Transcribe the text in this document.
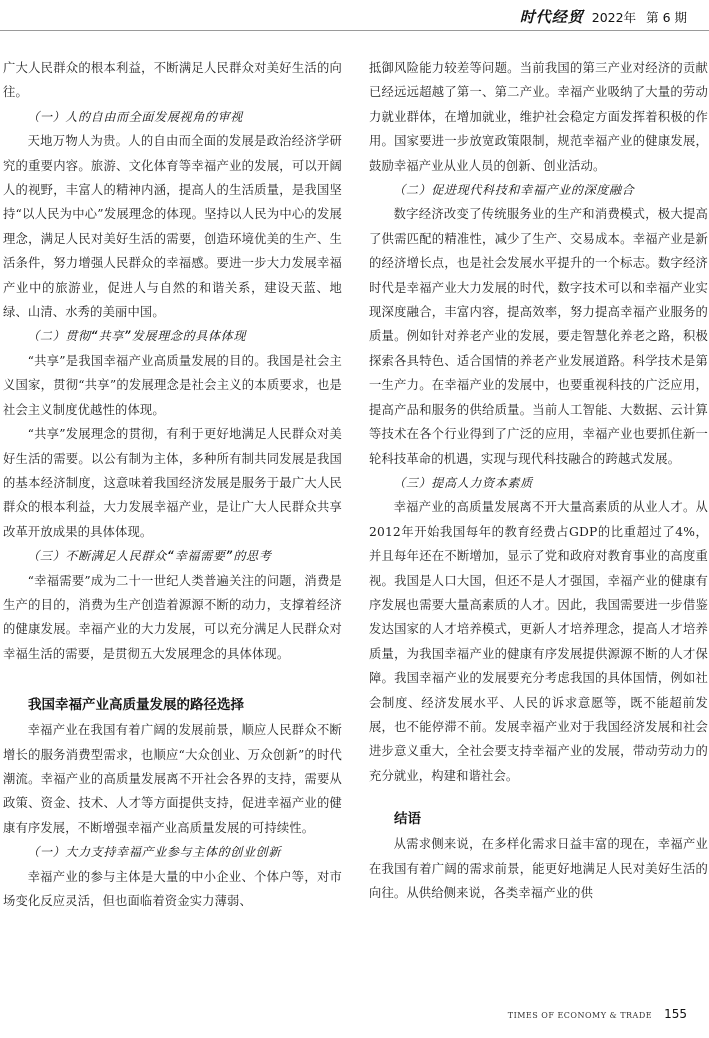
时代经贸 2022年 第 6 期

广大人民群众的根本利益，不断满足人民群众对美好生活的向往。

（一）人的自由而全面发展视角的审视

天地万物人为贵。人的自由而全面的发展是政治经济学研究的重要内容。旅游、文化体育等幸福产业的发展，可以开阔人的视野，丰富人的精神内涵，提高人的生活质量，是我国坚持“以人民为中心”发展理念的体现。坚持以人民为中心的发展理念，满足人民对美好生活的需要，创造环境优美的生产、生活条件，努力增强人民群众的幸福感。要进一步大力发展幸福产业中的旅游业，促进人与自然的和谐关系，建设天蓝、地绿、山清、水秀的美丽中国。

（二）贯彻“共享”发展理念的具体体现

“共享”是我国幸福产业高质量发展的目的。我国是社会主义国家，贯彻“共享”的发展理念是社会主义的本质要求，也是社会主义制度优越性的体现。

“共享”发展理念的贯彻，有利于更好地满足人民群众对美好生活的需要。以公有制为主体，多种所有制共同发展是我国的基本经济制度，这意味着我国经济发展是服务于最广大人民群众的根本利益，大力发展幸福产业，是让广大人民群众共享改革开放成果的具体体现。

（三）不断满足人民群众“幸福需要”的思考

“幸福需要”成为二十一世纪人类普遍关注的问题，消费是生产的目的，消费为生产创造着源源不断的动力，支撑着经济的健康发展。幸福产业的大力发展，可以充分满足人民群众对幸福生活的需要，是贯彻五大发展理念的具体体现。

我国幸福产业高质量发展的路径选择

幸福产业在我国有着广阔的发展前景，顺应人民群众不断增长的服务消费型需求，也顺应“大众创业、万众创新”的时代潮流。幸福产业的高质量发展离不开社会各界的支持，需要从政策、资金、技术、人才等方面提供支持，促进幸福产业的健康有序发展，不断增强幸福产业高质量发展的可持续性。

（一）大力支持幸福产业参与主体的创业创新

幸福产业的参与主体是大量的中小企业、个体户等，对市场变化反应灵活，但也面临着资金实力薄弱、

抵御风险能力较差等问题。当前我国的第三产业对经济的贡献已经远远超越了第一、第二产业。幸福产业吸纳了大量的劳动力就业群体，在增加就业，维护社会稳定方面发挥着积极的作用。国家要进一步放宽政策限制，规范幸福产业的健康发展，鼓励幸福产业从业人员的创新、创业活动。

（二）促进现代科技和幸福产业的深度融合

数字经济改变了传统服务业的生产和消费模式，极大提高了供需匹配的精准性，减少了生产、交易成本。幸福产业是新的经济增长点，也是社会发展水平提升的一个标志。数字经济时代是幸福产业大力发展的时代，数字技术可以和幸福产业实现深度融合，丰富内容，提高效率，努力提高幸福产业服务的质量。例如针对养老产业的发展，要走智慧化养老之路，积极探索各具特色、适合国情的养老产业发展道路。科学技术是第一生产力。在幸福产业的发展中，也要重视科技的广泛应用，提高产品和服务的供给质量。当前人工智能、大数据、云计算等技术在各个行业得到了广泛的应用，幸福产业也要抓住新一轮科技革命的机遇，实现与现代科技融合的跨越式发展。

（三）提高人力资本素质

幸福产业的高质量发展离不开大量高素质的从业人才。从2012年开始我国每年的教育经费占GDP的比重超过了4%，并且每年还在不断增加，显示了党和政府对教育事业的高度重视。我国是人口大国，但还不是人才强国，幸福产业的健康有序发展也需要大量高素质的人才。因此，我国需要进一步借鉴发达国家的人才培养模式，更新人才培养理念，提高人才培养质量，为我国幸福产业的健康有序发展提供源源不断的人才保障。我国幸福产业的发展要充分考虑我国的具体国情，例如社会制度、经济发展水平、人民的诉求意愿等，既不能超前发展，也不能停滞不前。发展幸福产业对于我国经济发展和社会进步意义重大，全社会要支持幸福产业的发展，带动劳动力的充分就业，构建和谐社会。

结语

从需求侧来说，在多样化需求日益丰富的现在，幸福产业在我国有着广阔的需求前景，能更好地满足人民对美好生活的向往。从供给侧来说，各类幸福产业的供

TIMES OF ECONOMY & TRADE 155
